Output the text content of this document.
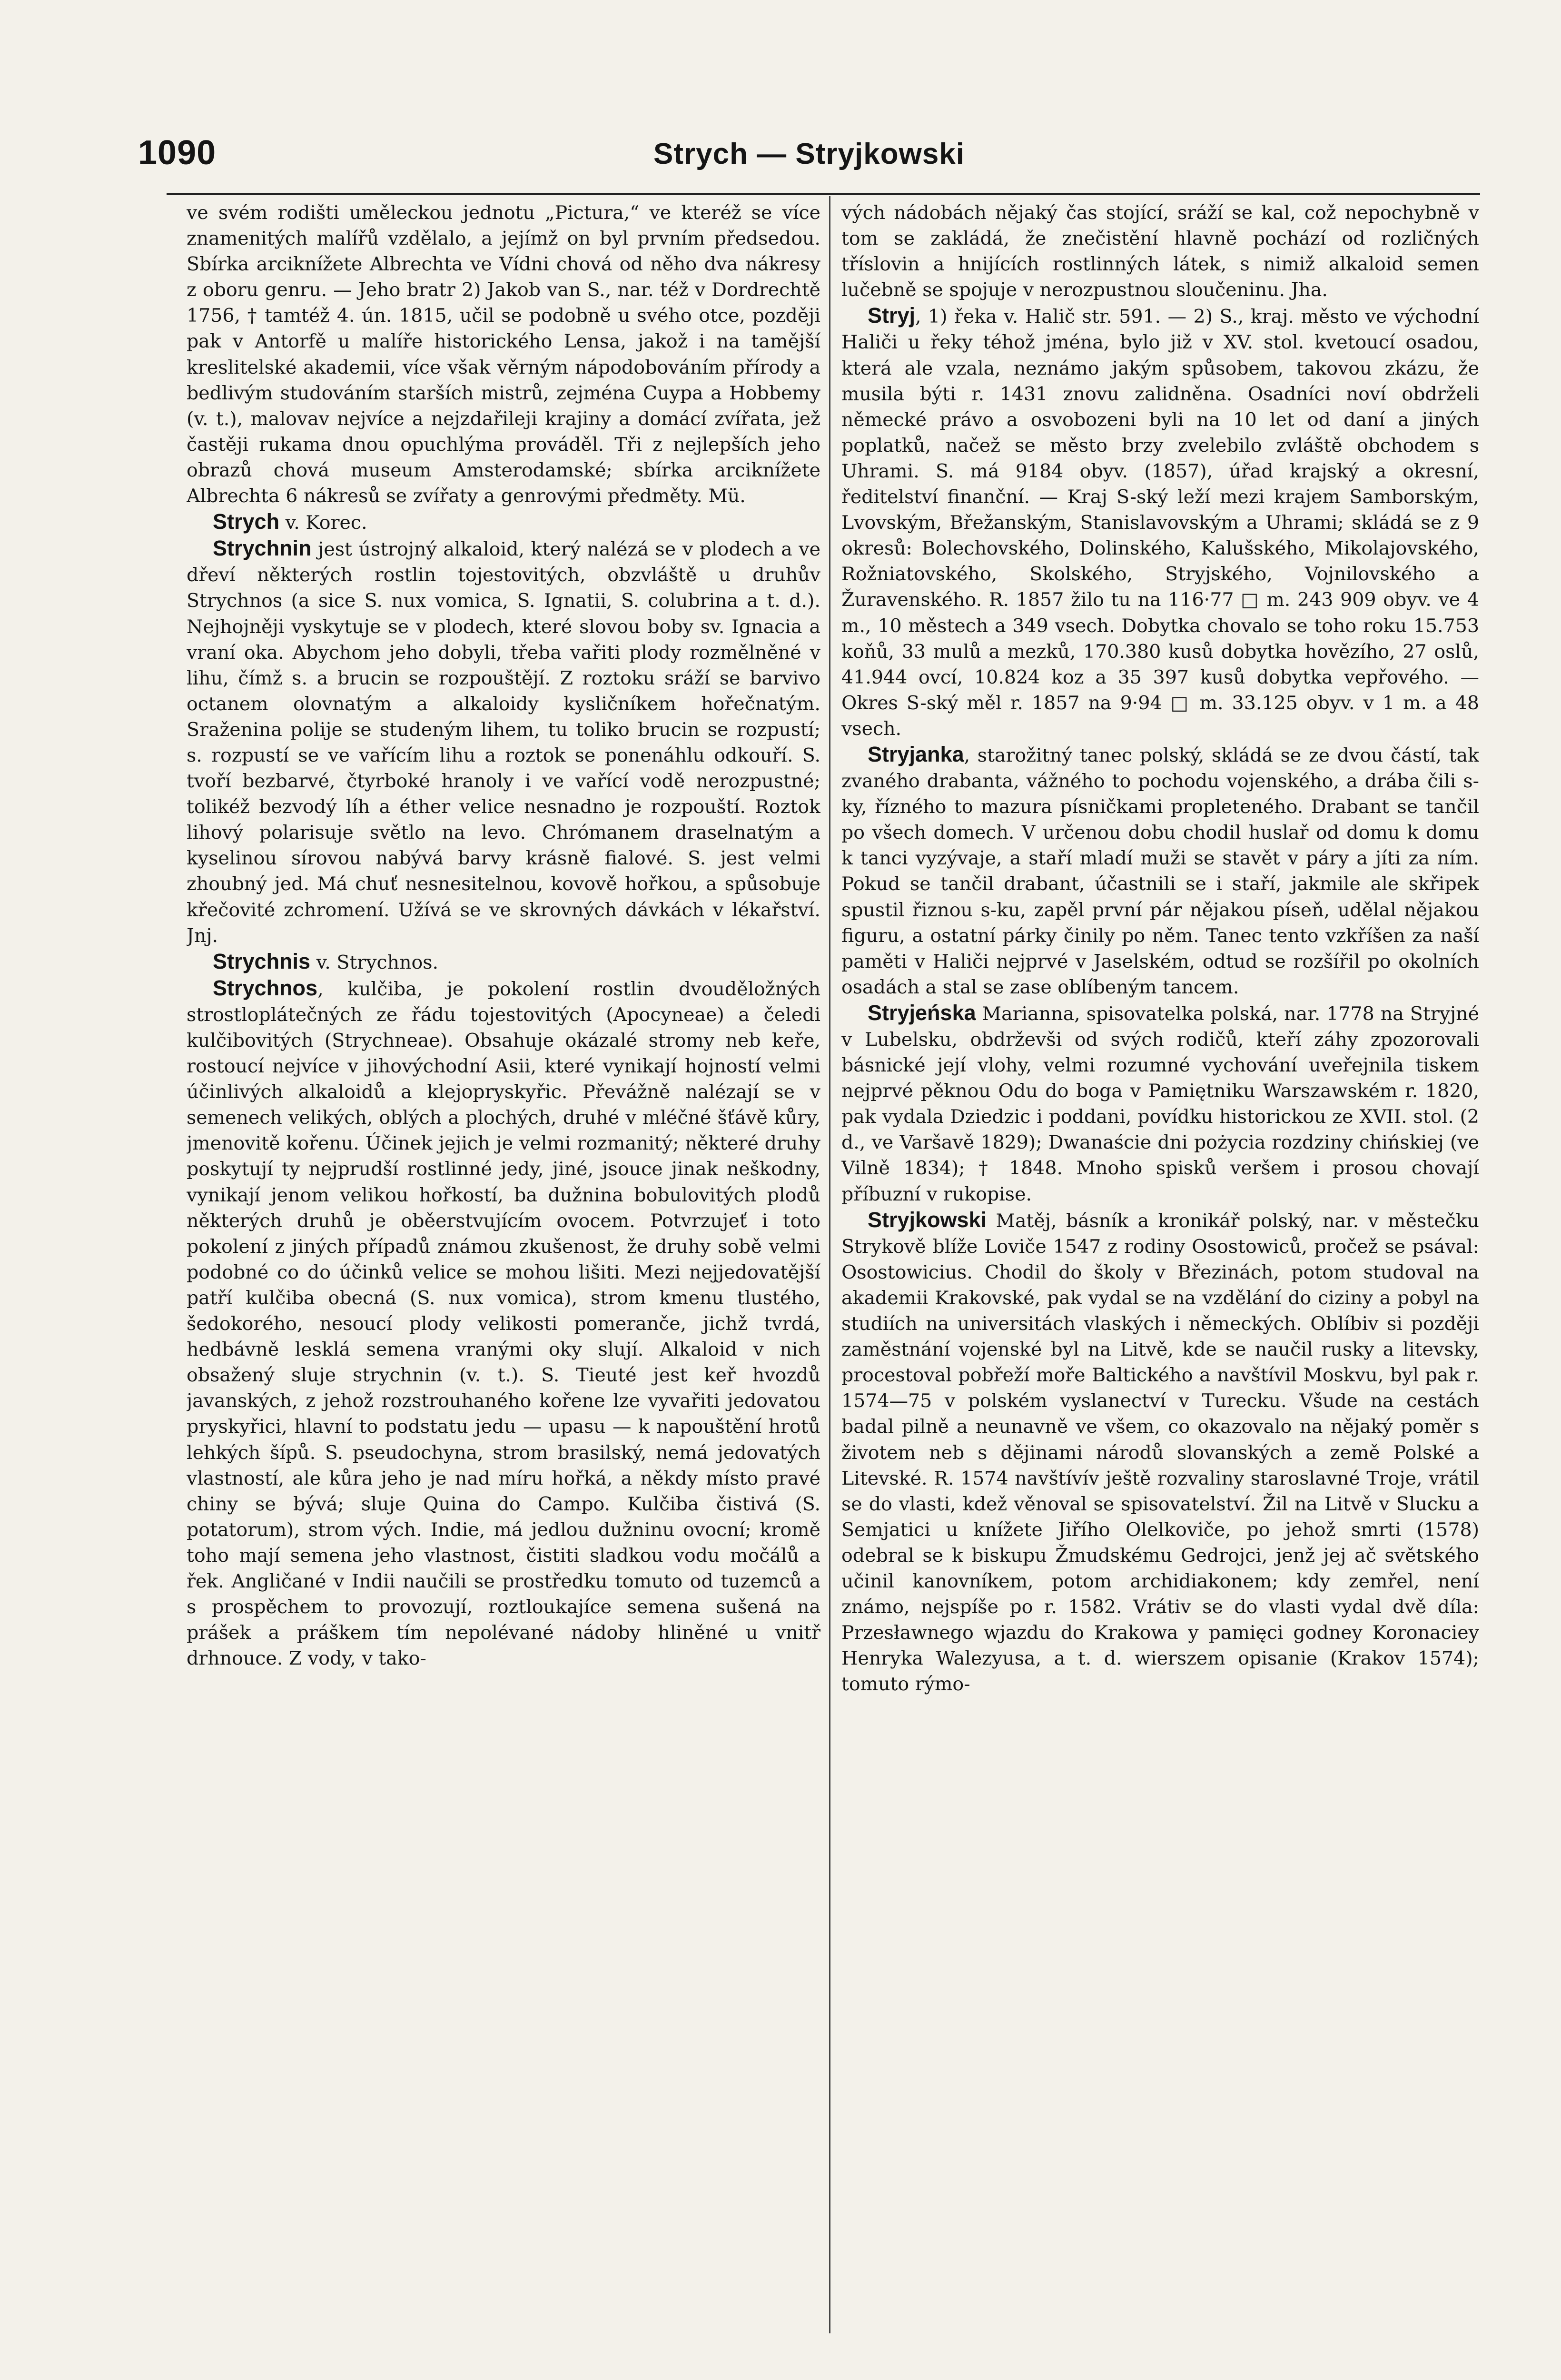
1090	Strych — Stryjkowski

ve svém rodišti uměleckou jednotu „Pictura,“ ve kteréž se více znamenitých malířů vzdělalo, a jejímž on byl prvním předsedou. Sbírka arciknížete Albrechta ve Vídni chová od něho dva nákresy z oboru genru. — Jeho bratr 2) Jakob van S., nar. též v Dordrechtě 1756, † tamtéž 4. ún. 1815, učil se podobně u svého otce, později pak v Antorfě u malíře historického Lensa, jakož i na tamější kreslitelské akademii, více však věrným nápodobováním přírody a bedlivým studováním starších mistrů, zejména Cuypa a Hobbemy (v. t.), malovav nejvíce a nejzdařileji krajiny a domácí zvířata, jež častěji rukama dnou opuchlýma prováděl. Tři z nejlepších jeho obrazů chová museum Amsterodamské; sbírka arciknížete Albrechta 6 nákresů se zvířaty a genrovými předměty. Mü.

Strych v. Korec.

Strychnin jest ústrojný alkaloid, který nalézá se v plodech a ve dřeví některých rostlin tojestovitých, obzvláště u druhův Strychnos (a sice S. nux vomica, S. Ignatii, S. colubrina a t. d.). Nejhojněji vyskytuje se v plodech, které slovou boby sv. Ignacia a vraní oka. Abychom jeho dobyli, třeba vařiti plody rozmělněné v lihu, čímž s. a brucin se rozpouštějí. Z roztoku sráží se barvivo octanem olovnatým a alkaloidy kysličníkem hořečnatým. Sraženina polije se studeným lihem, tu toliko brucin se rozpustí; s. rozpustí se ve vařícím lihu a roztok se ponenáhlu odkouří. S. tvoří bezbarvé, čtyrboké hranoly i ve vařící vodě nerozpustné; tolikéž bezvodý líh a éther velice nesnadno je rozpouští. Roztok lihový polarisuje světlo na levo. Chrómanem draselnatým a kyselinou sírovou nabývá barvy krásně fialové. S. jest velmi zhoubný jed. Má chuť nesnesitelnou, kovově hořkou, a spůsobuje křečovité zchromení. Užívá se ve skrovných dávkách v lékařství. Jnj.

Strychnis v. Strychnos.

Strychnos, kulčiba, je pokolení rostlin dvouděložných strostloplátečných ze řádu tojestovitých (Apocyneae) a čeledi kulčibovitých (Strychneae). Obsahuje okázalé stromy neb keře, rostoucí nejvíce v jihovýchodní Asii, které vynikají hojností velmi účinlivých alkaloidů a klejopryskyřic. Převážně nalézají se v semenech velikých, oblých a plochých, druhé v mléčné šťávě kůry, jmenovitě kořenu. Účinek jejich je velmi rozmanitý; některé druhy poskytují ty nejprudší rostlinné jedy, jiné, jsouce jinak neškodny, vynikají jenom velikou hořkostí, ba dužnina bobulovitých plodů některých druhů je oběerstvujícím ovocem. Potvrzujeť i toto pokolení z jiných případů známou zkušenost, že druhy sobě velmi podobné co do účinků velice se mohou lišiti. Mezi nejjedovatější patří kulčiba obecná (S. nux vomica), strom kmenu tlustého, šedokorého, nesoucí plody velikosti pomeranče, jichž tvrdá, hedbávně lesklá semena vranými oky slují. Alkaloid v nich obsažený sluje strychnin (v. t.). S. Tieuté jest keř hvozdů javanských, z jehož rozstrouhaného kořene lze vyvařiti jedovatou pryskyřici, hlavní to podstatu jedu — upasu — k napouštění hrotů lehkých šípů. S. pseudochyna, strom brasilský, nemá jedovatých vlastností, ale kůra jeho je nad míru hořká, a někdy místo pravé chiny se bývá; sluje Quina do Campo. Kulčiba čistivá (S. potatorum), strom vých. Indie, má jedlou dužninu ovocní; kromě toho mají semena jeho vlastnost, čistiti sladkou vodu močálů a řek. Angličané v Indii naučili se prostředku tomuto od tuzemců a s prospěchem to provozují, roztloukajíce semena sušená na prášek a práškem tím nepolévané nádoby hliněné u vnitř drhnouce. Z vody, v tako-

vých nádobách nějaký čas stojící, sráží se kal, což nepochybně v tom se zakládá, že znečistění hlavně pochází od rozličných tříslovin a hnijících rostlinných látek, s nimiž alkaloid semen lučebně se spojuje v nerozpustnou sloučeninu. Jha.

Stryj, 1) řeka v. Halič str. 591. — 2) S., kraj. město ve východní Haliči u řeky téhož jména, bylo již v XV. stol. kvetoucí osadou, která ale vzala, neznámo jakým spůsobem, takovou zkázu, že musila býti r. 1431 znovu zalidněna. Osadníci noví obdrželi německé právo a osvobozeni byli na 10 let od daní a jiných poplatků, načež se město brzy zvelebilo zvláště obchodem s Uhrami. S. má 9184 obyv. (1857), úřad krajský a okresní, ředitelství finanční. — Kraj S-ský leží mezi krajem Samborským, Lvovským, Břežanským, Stanislavovským a Uhrami; skládá se z 9 okresů: Bolechovského, Dolinského, Kalušského, Mikolajovského, Rožniatovského, Skolského, Stryjského, Vojnilovského a Žuravenského. R. 1857 žilo tu na 116·77 □ m. 243 909 obyv. ve 4 m., 10 městech a 349 vsech. Dobytka chovalo se toho roku 15.753 koňů, 33 mulů a mezků, 170.380 kusů dobytka hovězího, 27 oslů, 41.944 ovcí, 10.824 koz a 35 397 kusů dobytka vepřového. — Okres S-ský měl r. 1857 na 9·94 □ m. 33.125 obyv. v 1 m. a 48 vsech.

Stryjanka, starožitný tanec polský, skládá se ze dvou částí, tak zvaného drabanta, vážného to pochodu vojenského, a drába čili s-ky, řízného to mazura písničkami propleteného. Drabant se tančil po všech domech. V určenou dobu chodil huslař od domu k domu k tanci vyzývaje, a staří mladí muži se stavět v páry a jíti za ním. Pokud se tančil drabant, účastnili se i staří, jakmile ale skřipek spustil řiznou s-ku, zapěl první pár nějakou píseň, udělal nějakou figuru, a ostatní párky činily po něm. Tanec tento vzkříšen za naší paměti v Haliči nejprvé v Jaselském, odtud se rozšířil po okolních osadách a stal se zase oblíbeným tancem.

Stryjeńska Marianna, spisovatelka polská, nar. 1778 na Stryjné v Lubelsku, obdrževši od svých rodičů, kteří záhy zpozorovali básnické její vlohy, velmi rozumné vychování uveřejnila tiskem nejprvé pěknou Odu do boga v Pamiętniku Warszawském r. 1820, pak vydala Dziedzic i poddani, povídku historickou ze XVII. stol. (2 d., ve Varšavě 1829); Dwanaście dni pożycia rozdziny chińskiej (ve Vilně 1834); † 1848. Mnoho spisků veršem i prosou chovají příbuzní v rukopise.

Stryjkowski Matěj, básník a kronikář polský, nar. v městečku Strykově blíže Loviče 1547 z rodiny Osostowiců, pročež se psával: Osostowicius. Chodil do školy v Březinách, potom studoval na akademii Krakovské, pak vydal se na vzdělání do ciziny a pobyl na studiích na universitách vlaských i německých. Oblíbiv si později zaměstnání vojenské byl na Litvě, kde se naučil rusky a litevsky, procestoval pobřeží moře Baltického a navštívil Moskvu, byl pak r. 1574—75 v polském vyslanectví v Turecku. Všude na cestách badal pilně a neunavně ve všem, co okazovalo na nějaký poměr s životem neb s dějinami národů slovanských a země Polské a Litevské. R. 1574 navštívív ještě rozvaliny staroslavné Troje, vrátil se do vlasti, kdež věnoval se spisovatelství. Žil na Litvě v Slucku a Semjatici u knížete Jiřího Olelkoviče, po jehož smrti (1578) odebral se k biskupu Žmudskému Gedrojci, jenž jej ač světského učinil kanovníkem, potom archidiakonem; kdy zemřel, není známo, nejspíše po r. 1582. Vrátiv se do vlasti vydal dvě díla: Przesławnego wjazdu do Krakowa y pamięci godney Koronaciey Henryka Walezyusa, a t. d. wierszem opisanie (Krakov 1574); tomuto rýmo-
